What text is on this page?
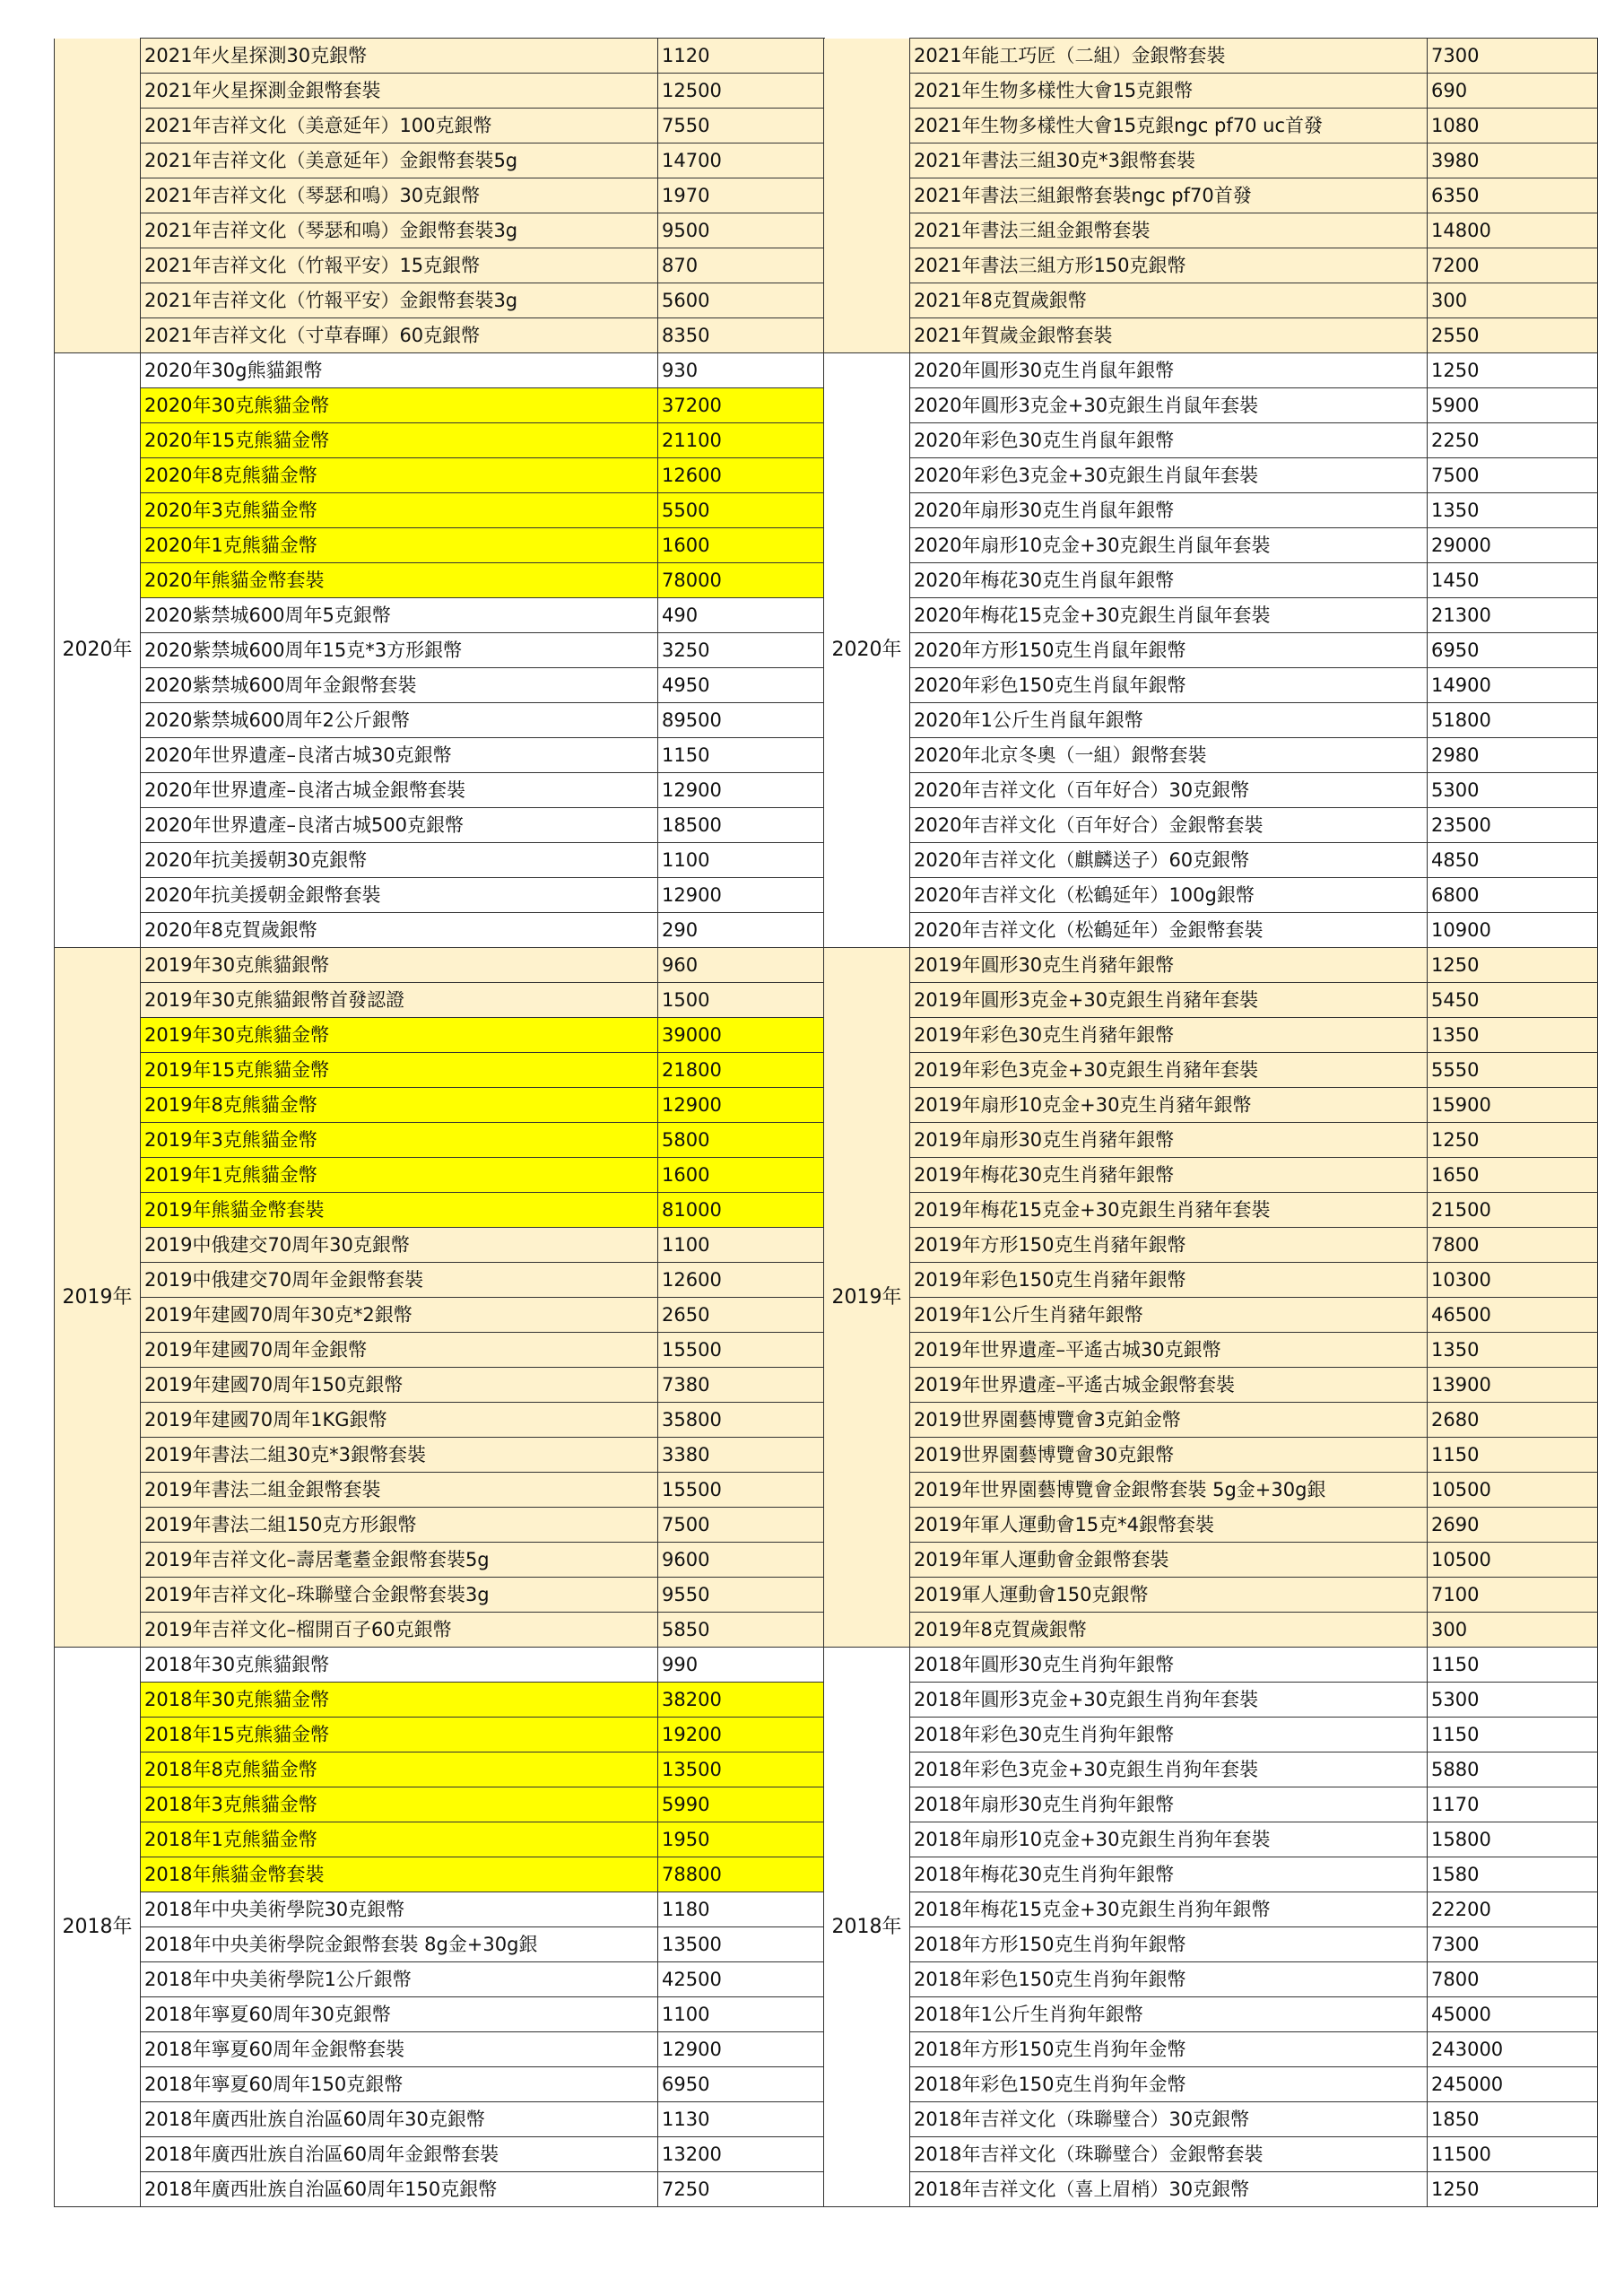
	2021年火星探測30克銀幣	1120
	2021年火星探測金銀幣套裝	12500
	2021年吉祥文化（美意延年）100克銀幣	7550
	2021年吉祥文化（美意延年）金銀幣套裝5g	14700
	2021年吉祥文化（琴瑟和鳴）30克銀幣	1970
	2021年吉祥文化（琴瑟和鳴）金銀幣套裝3g	9500
	2021年吉祥文化（竹報平安）15克銀幣	870
	2021年吉祥文化（竹報平安）金銀幣套裝3g	5600
	2021年吉祥文化（寸草春暉）60克銀幣	8350
2020年	2020年30g熊貓銀幣	930
	2020年30克熊貓金幣	37200
	2020年15克熊貓金幣	21100
	2020年8克熊貓金幣	12600
	2020年3克熊貓金幣	5500
	2020年1克熊貓金幣	1600
	2020年熊貓金幣套裝	78000
	2020紫禁城600周年5克銀幣	490
	2020紫禁城600周年15克*3方形銀幣	3250
	2020紫禁城600周年金銀幣套裝	4950
	2020紫禁城600周年2公斤銀幣	89500
	2020年世界遺產–良渚古城30克銀幣	1150
	2020年世界遺產–良渚古城金銀幣套裝	12900
	2020年世界遺產–良渚古城500克銀幣	18500
	2020年抗美援朝30克銀幣	1100
	2020年抗美援朝金銀幣套裝	12900
	2020年8克賀歲銀幣	290
2019年	2019年30克熊貓銀幣	960
	2019年30克熊貓銀幣首發認證	1500
	2019年30克熊貓金幣	39000
	2019年15克熊貓金幣	21800
	2019年8克熊貓金幣	12900
	2019年3克熊貓金幣	5800
	2019年1克熊貓金幣	1600
	2019年熊貓金幣套裝	81000
	2019中俄建交70周年30克銀幣	1100
	2019中俄建交70周年金銀幣套裝	12600
	2019年建國70周年30克*2銀幣	2650
	2019年建國70周年金銀幣	15500
	2019年建國70周年150克銀幣	7380
	2019年建國70周年1KG銀幣	35800
	2019年書法二組30克*3銀幣套裝	3380
	2019年書法二組金銀幣套裝	15500
	2019年書法二組150克方形銀幣	7500
	2019年吉祥文化–壽居耄耋金銀幣套裝5g	9600
	2019年吉祥文化–珠聯璧合金銀幣套裝3g	9550
	2019年吉祥文化–榴開百子60克銀幣	5850
2018年	2018年30克熊貓銀幣	990
	2018年30克熊貓金幣	38200
	2018年15克熊貓金幣	19200
	2018年8克熊貓金幣	13500
	2018年3克熊貓金幣	5990
	2018年1克熊貓金幣	1950
	2018年熊貓金幣套裝	78800
	2018年中央美術學院30克銀幣	1180
	2018年中央美術學院金銀幣套裝 8g金+30g銀	13500
	2018年中央美術學院1公斤銀幣	42500
	2018年寧夏60周年30克銀幣	1100
	2018年寧夏60周年金銀幣套裝	12900
	2018年寧夏60周年150克銀幣	6950
	2018年廣西壯族自治區60周年30克銀幣	1130
	2018年廣西壯族自治區60周年金銀幣套裝	13200
	2018年廣西壯族自治區60周年150克銀幣	7250
	2021年能工巧匠（二組）金銀幣套裝	7300
	2021年生物多樣性大會15克銀幣	690
	2021年生物多樣性大會15克銀ngc pf70 uc首發	1080
	2021年書法三組30克*3銀幣套裝	3980
	2021年書法三組銀幣套裝ngc pf70首發	6350
	2021年書法三組金銀幣套裝	14800
	2021年書法三組方形150克銀幣	7200
	2021年8克賀歲銀幣	300
	2021年賀歲金銀幣套裝	2550
2020年	2020年圓形30克生肖鼠年銀幣	1250
	2020年圓形3克金+30克銀生肖鼠年套裝	5900
	2020年彩色30克生肖鼠年銀幣	2250
	2020年彩色3克金+30克銀生肖鼠年套裝	7500
	2020年扇形30克生肖鼠年銀幣	1350
	2020年扇形10克金+30克銀生肖鼠年套裝	29000
	2020年梅花30克生肖鼠年銀幣	1450
	2020年梅花15克金+30克銀生肖鼠年套裝	21300
	2020年方形150克生肖鼠年銀幣	6950
	2020年彩色150克生肖鼠年銀幣	14900
	2020年1公斤生肖鼠年銀幣	51800
	2020年北京冬奧（一組）銀幣套裝	2980
	2020年吉祥文化（百年好合）30克銀幣	5300
	2020年吉祥文化（百年好合）金銀幣套裝	23500
	2020年吉祥文化（麒麟送子）60克銀幣	4850
	2020年吉祥文化（松鶴延年）100g銀幣	6800
	2020年吉祥文化（松鶴延年）金銀幣套裝	10900
2019年	2019年圓形30克生肖豬年銀幣	1250
	2019年圓形3克金+30克銀生肖豬年套裝	5450
	2019年彩色30克生肖豬年銀幣	1350
	2019年彩色3克金+30克銀生肖豬年套裝	5550
	2019年扇形10克金+30克生肖豬年銀幣	15900
	2019年扇形30克生肖豬年銀幣	1250
	2019年梅花30克生肖豬年銀幣	1650
	2019年梅花15克金+30克銀生肖豬年套裝	21500
	2019年方形150克生肖豬年銀幣	7800
	2019年彩色150克生肖豬年銀幣	10300
	2019年1公斤生肖豬年銀幣	46500
	2019年世界遺產–平遙古城30克銀幣	1350
	2019年世界遺產–平遙古城金銀幣套裝	13900
	2019世界園藝博覽會3克鉑金幣	2680
	2019世界園藝博覽會30克銀幣	1150
	2019年世界園藝博覽會金銀幣套裝 5g金+30g銀	10500
	2019年軍人運動會15克*4銀幣套裝	2690
	2019年軍人運動會金銀幣套裝	10500
	2019軍人運動會150克銀幣	7100
	2019年8克賀歲銀幣	300
2018年	2018年圓形30克生肖狗年銀幣	1150
	2018年圓形3克金+30克銀生肖狗年套裝	5300
	2018年彩色30克生肖狗年銀幣	1150
	2018年彩色3克金+30克銀生肖狗年套裝	5880
	2018年扇形30克生肖狗年銀幣	1170
	2018年扇形10克金+30克銀生肖狗年套裝	15800
	2018年梅花30克生肖狗年銀幣	1580
	2018年梅花15克金+30克銀生肖狗年銀幣	22200
	2018年方形150克生肖狗年銀幣	7300
	2018年彩色150克生肖狗年銀幣	7800
	2018年1公斤生肖狗年銀幣	45000
	2018年方形150克生肖狗年金幣	243000
	2018年彩色150克生肖狗年金幣	245000
	2018年吉祥文化（珠聯璧合）30克銀幣	1850
	2018年吉祥文化（珠聯璧合）金銀幣套裝	11500
	2018年吉祥文化（喜上眉梢）30克銀幣	1250
